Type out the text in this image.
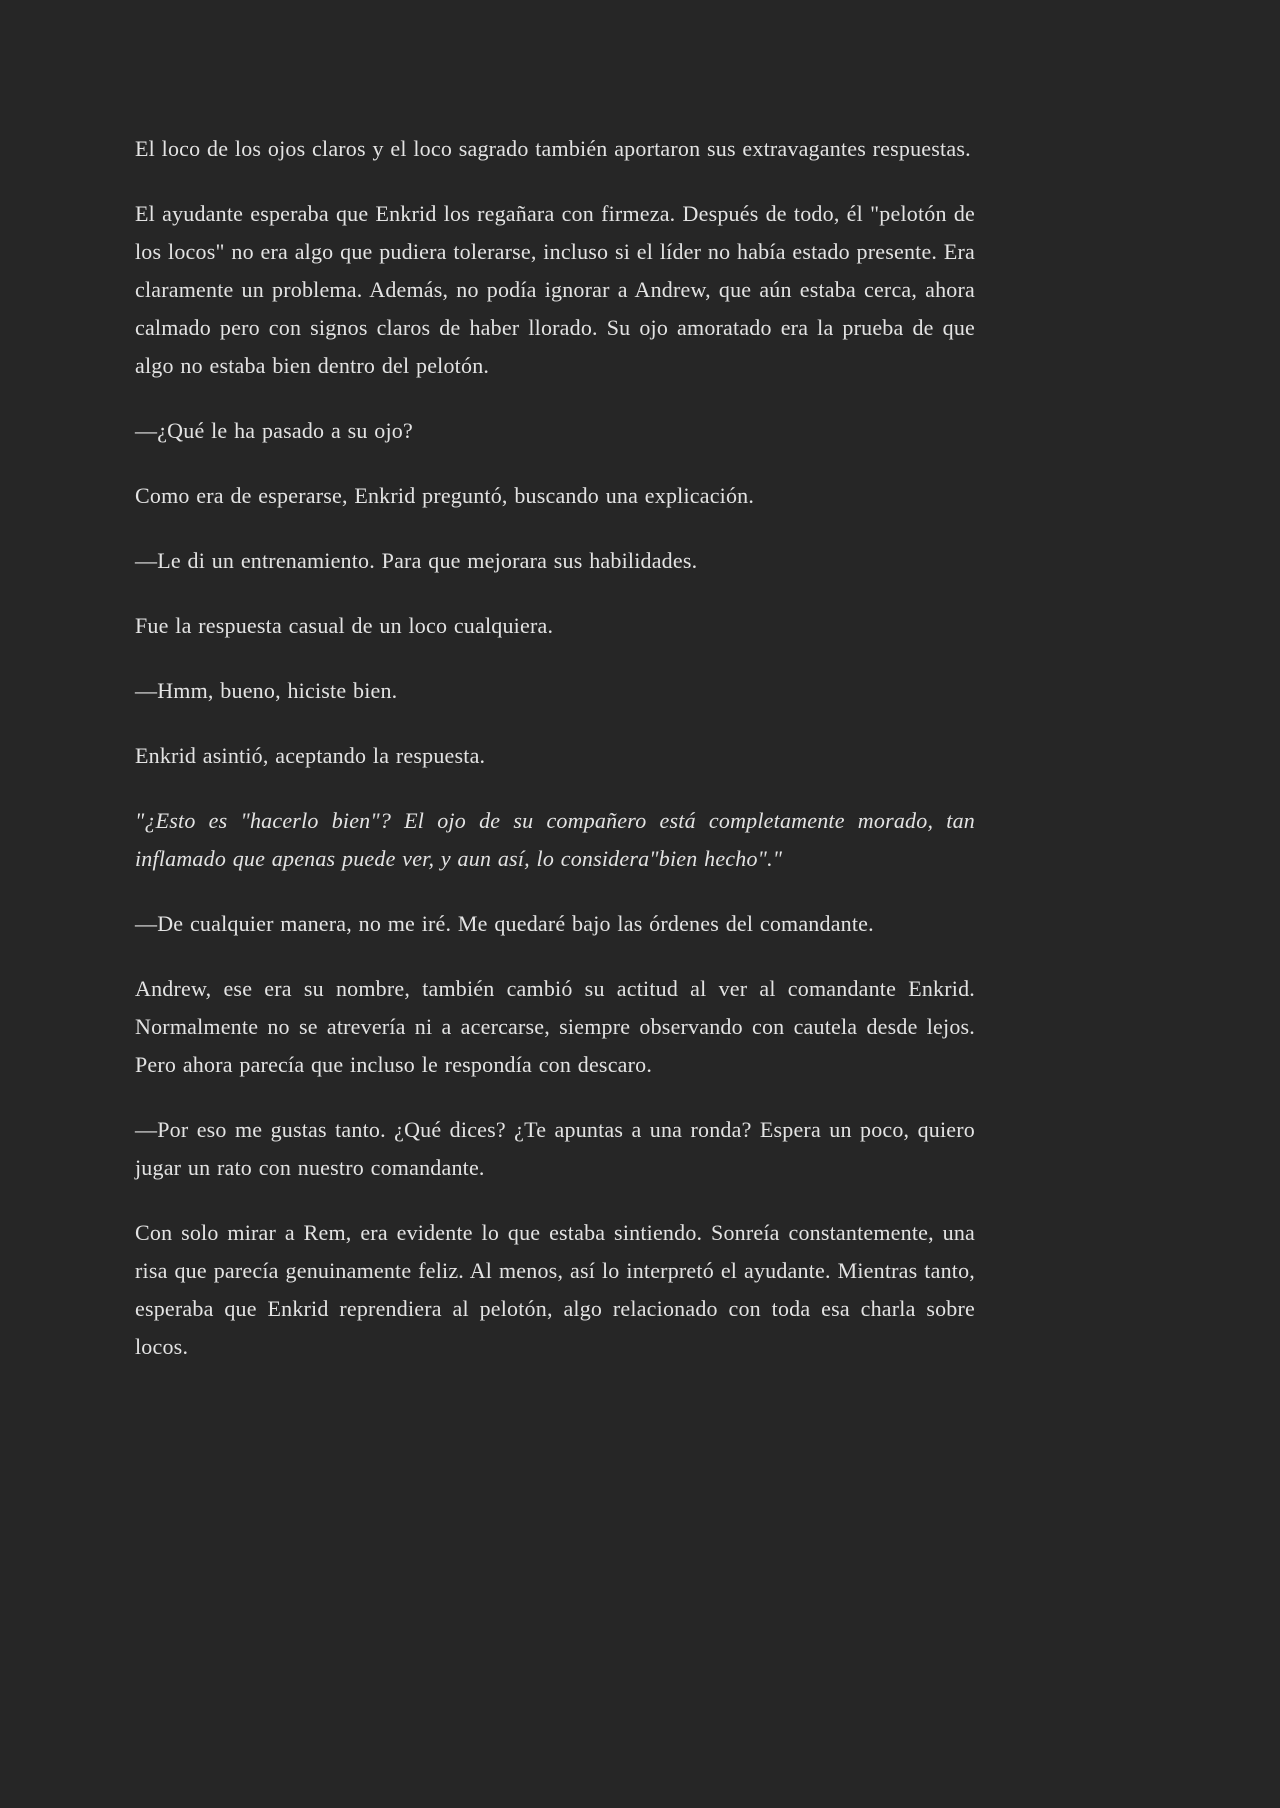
El loco de los ojos claros y el loco sagrado también aportaron sus extravagantes respuestas.

El ayudante esperaba que Enkrid los regañara con firmeza. Después de todo, él "pelotón de los locos" no era algo que pudiera tolerarse, incluso si el líder no había estado presente. Era claramente un problema. Además, no podía ignorar a Andrew, que aún estaba cerca, ahora calmado pero con signos claros de haber llorado. Su ojo amoratado era la prueba de que algo no estaba bien dentro del pelotón.

—¿Qué le ha pasado a su ojo?

Como era de esperarse, Enkrid preguntó, buscando una explicación.

—Le di un entrenamiento. Para que mejorara sus habilidades.

Fue la respuesta casual de un loco cualquiera.

—Hmm, bueno, hiciste bien.

Enkrid asintió, aceptando la respuesta.

"¿Esto es "hacerlo bien"? El ojo de su compañero está completamente morado, tan inflamado que apenas puede ver, y aun así, lo considera"bien hecho"."

—De cualquier manera, no me iré. Me quedaré bajo las órdenes del comandante.

Andrew, ese era su nombre, también cambió su actitud al ver al comandante Enkrid. Normalmente no se atrevería ni a acercarse, siempre observando con cautela desde lejos. Pero ahora parecía que incluso le respondía con descaro.

—Por eso me gustas tanto. ¿Qué dices? ¿Te apuntas a una ronda? Espera un poco, quiero jugar un rato con nuestro comandante.

Con solo mirar a Rem, era evidente lo que estaba sintiendo. Sonreía constantemente, una risa que parecía genuinamente feliz. Al menos, así lo interpretó el ayudante. Mientras tanto, esperaba que Enkrid reprendiera al pelotón, algo relacionado con toda esa charla sobre locos.
